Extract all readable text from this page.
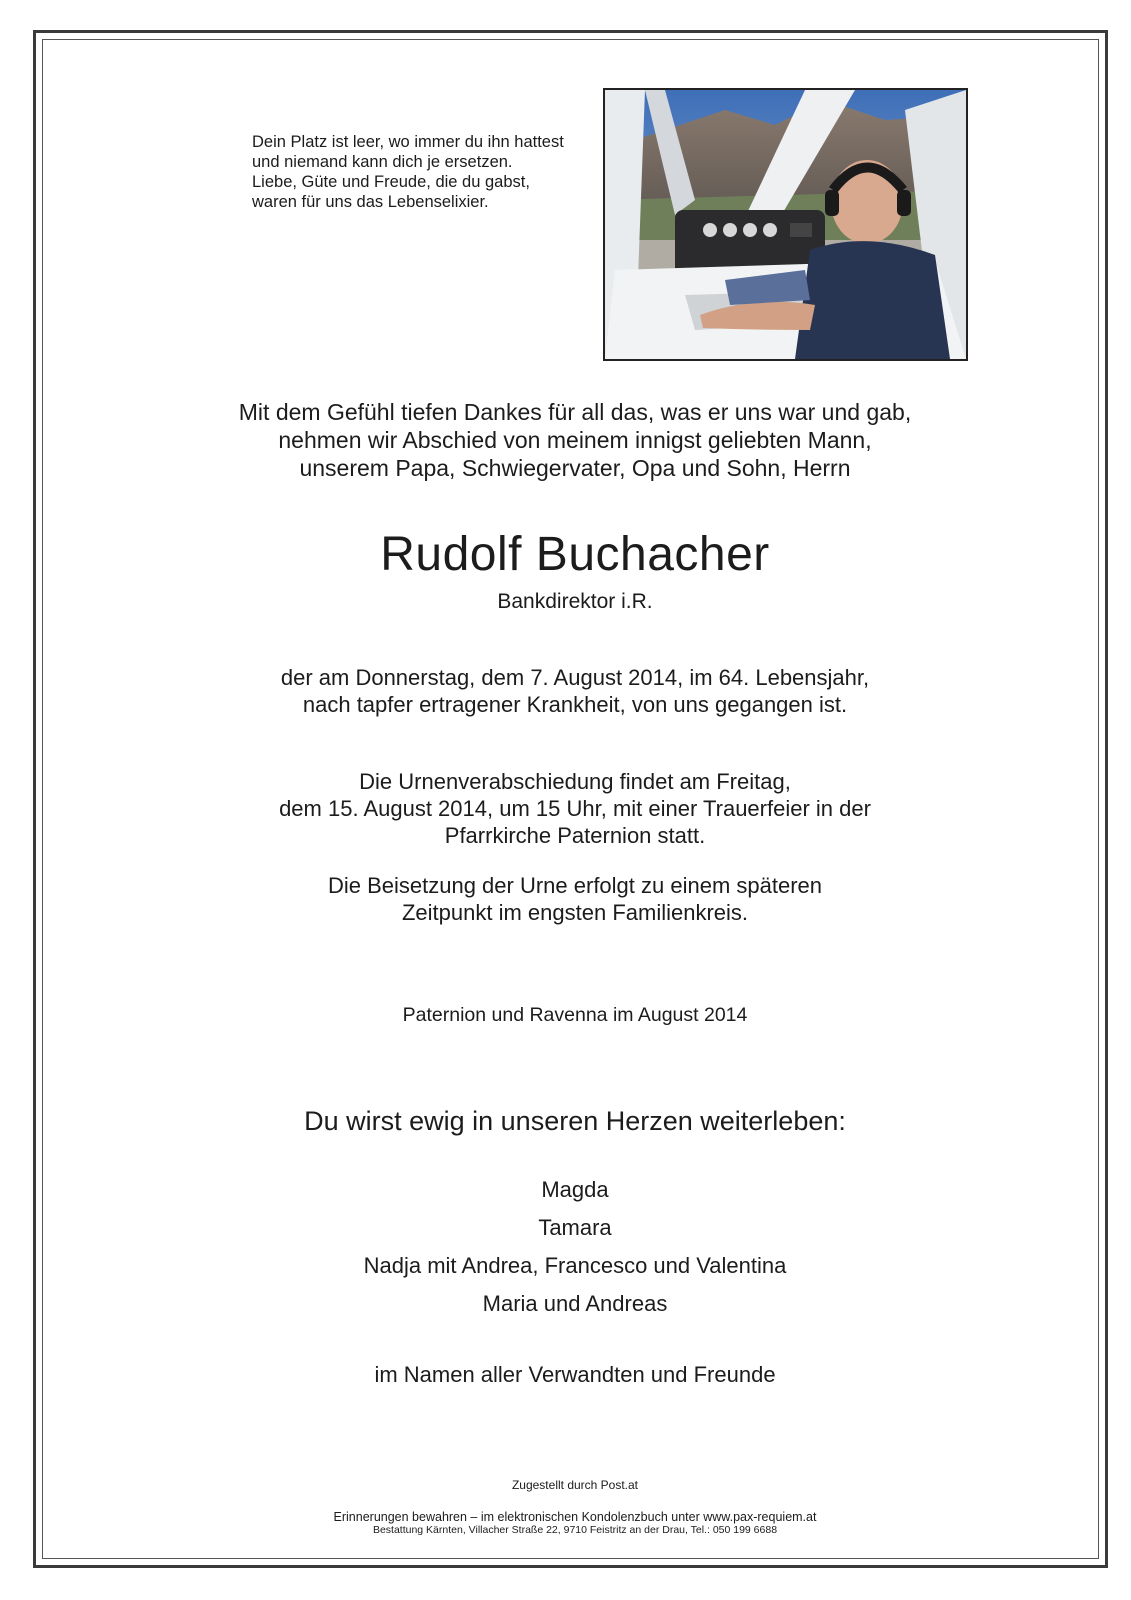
Dein Platz ist leer, wo immer du ihn hattest
und niemand kann dich je ersetzen.
Liebe, Güte und Freude, die du gabst,
waren für uns das Lebenselixier.
Mit dem Gefühl tiefen Dankes für all das, was er uns war und gab,
nehmen wir Abschied von meinem innigst geliebten Mann,
unserem Papa, Schwiegervater, Opa und Sohn, Herrn
Rudolf Buchacher
Bankdirektor i.R.
der am Donnerstag, dem 7. August 2014, im 64. Lebensjahr,
nach tapfer ertragener Krankheit, von uns gegangen ist.
Die Urnenverabschiedung findet am Freitag,
dem 15. August 2014, um 15 Uhr, mit einer Trauerfeier in der
Pfarrkirche Paternion statt.
Die Beisetzung der Urne erfolgt zu einem späteren
Zeitpunkt im engsten Familienkreis.
Paternion und Ravenna im August 2014
Du wirst ewig in unseren Herzen weiterleben:
Magda
Tamara
Nadja mit Andrea, Francesco und Valentina
Maria und Andreas
im Namen aller Verwandten und Freunde
Zugestellt durch Post.at
Erinnerungen bewahren – im elektronischen Kondolenzbuch unter www.pax-requiem.at
Bestattung Kärnten, Villacher Straße 22, 9710 Feistritz an der Drau, Tel.: 050 199 6688
